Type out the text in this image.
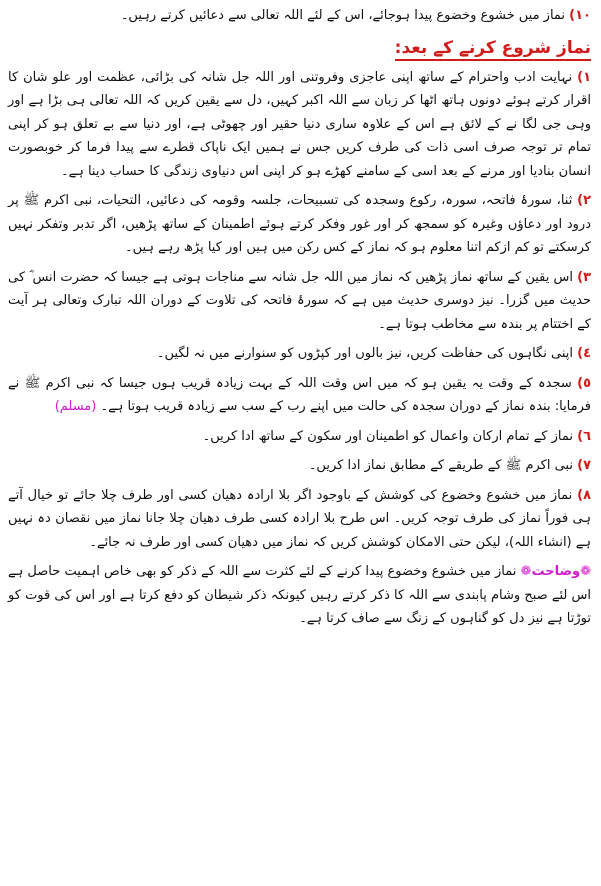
١٠) نماز میں خشوع وخضوع پیدا ہوجائے، اس کے لئے اللہ تعالی سے دعائیں کرتے رہیں۔

نماز شروع کرنے کے بعد:

١) نہایت ادب واحترام کے ساتھ اپنی عاجزی وفروتنی اور اللہ جل شانہ کی بڑائی، عظمت اور علو شان کا اقرار کرتے ہوئے دونوں ہاتھ اٹھا کر زبان سے اللہ اکبر کہیں، دل سے یقین کریں کہ اللہ تعالی ہی بڑا ہے اور وہی جی لگا نے کے لائق ہے اس کے علاوہ ساری دنیا حقیر اور چھوٹی ہے، اور دنیا سے بے تعلق ہو کر اپنی تمام تر توجہ صرف اسی ذات کی طرف کریں جس نے ہمیں ایک ناپاک قطرے سے پیدا فرما کر خوبصورت انسان بنادیا اور مرنے کے بعد اسی کے سامنے کھڑے ہو کر اپنی اس دنیاوی زندگی کا حساب دینا ہے۔

٢) ثنا، سورۂ فاتحہ، سورہ، رکوع وسجدہ کی تسبیحات، جلسہ وقومہ کی دعائیں، التحیات، نبی اکرم ﷺ پر درود اور دعاؤں وغیرہ کو سمجھ کر اور غور وفکر کرتے ہوئے اطمینان کے ساتھ پڑھیں، اگر تدبر وتفکر نہیں کرسکتے تو کم ازکم اتنا معلوم ہو کہ نماز کے کس رکن میں ہیں اور کیا پڑھ رہے ہیں۔

٣) اس یقین کے ساتھ نماز پڑھیں کہ نماز میں اللہ جل شانہ سے مناجات ہوتی ہے جیسا کہ حضرت انس ؓ کی حدیث میں گزرا۔ نیز دوسری حدیث میں ہے کہ سورۂ فاتحہ کی تلاوت کے دوران اللہ تبارک وتعالی ہر آیت کے اختتام پر بندہ سے مخاطب ہوتا ہے۔

٤) اپنی نگاہوں کی حفاظت کریں، نیز بالوں اور کپڑوں کو سنوارنے میں نہ لگیں۔

٥) سجدہ کے وقت یہ یقین ہو کہ میں اس وقت اللہ کے بہت زیادہ قریب ہوں جیسا کہ نبی اکرم ﷺ نے فرمایا: بندہ نماز کے دوران سجدہ کی حالت میں اپنے رب کے سب سے زیادہ قریب ہوتا ہے۔ (مسلم)

٦) نماز کے تمام ارکان واعمال کو اطمینان اور سکون کے ساتھ ادا کریں۔

٧) نبی اکرم ﷺ کے طریقے کے مطابق نماز ادا کریں۔

٨) نماز میں خشوع وخضوع کی کوشش کے باوجود اگر بلا ارادہ دھیان کسی اور طرف چلا جائے تو خیال آتے ہی فوراً نماز کی طرف توجہ کریں۔ اس طرح بلا ارادہ کسی طرف دھیان چلا جانا نماز میں نقصان دہ نہیں ہے (انشاء اللہ)، لیکن حتی الامکان کوشش کریں کہ نماز میں دھیان کسی اور طرف نہ جائے۔

❁وضاحت❁ نماز میں خشوع وخضوع پیدا کرنے کے لئے کثرت سے اللہ کے ذکر کو بھی خاص اہمیت حاصل ہے اس لئے صبح وشام پابندی سے اللہ کا ذکر کرتے رہیں کیونکہ ذکر شیطان کو دفع کرتا ہے اور اس کی قوت کو توڑتا ہے نیز دل کو گناہوں کے زنگ سے صاف کرتا ہے۔
